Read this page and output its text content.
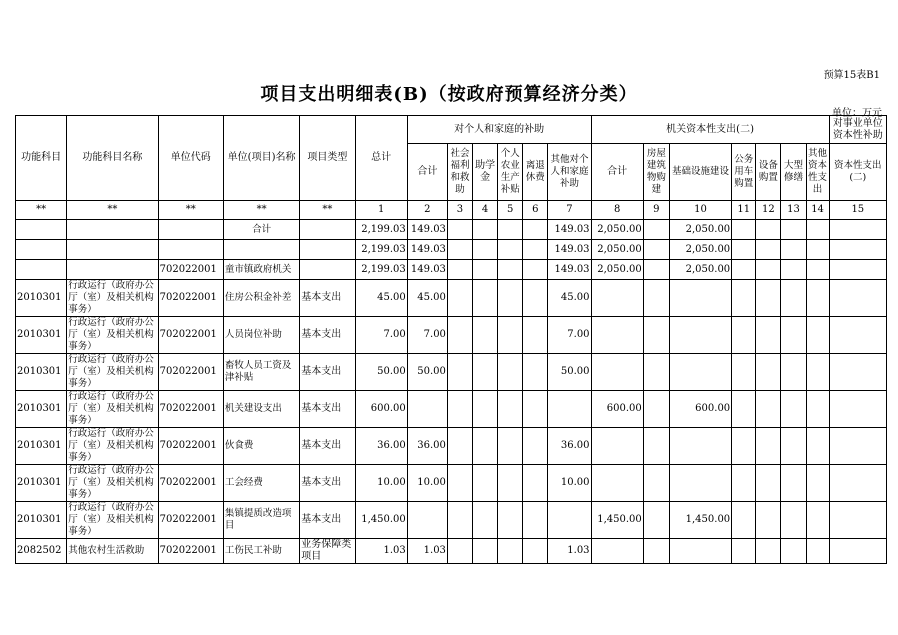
预算15表B1
项目支出明细表(B)（按政府预算经济分类）
单位：万元
功能科目	功能科目名称	单位代码	单位(项目)名称	项目类型	总计	对个人和家庭的补助						机关资本性支出(二)							对事业单位资本性补助
						合计	社会福利和救助	助学金	个人农业生产补贴	离退休费	其他对个人和家庭补助	合计	房屋建筑物购建	基础设施建设	公务用车购置	设备购置	大型修缮	其他资本性支出	资本性支出(二)
**	**	**	**	**	1	2	3	4	5	6	7	8	9	10	11	12	13	14	15
			合计		2,199.03	149.03					149.03	2,050.00		2,050.00					
					2,199.03	149.03					149.03	2,050.00		2,050.00					
		702022001	童市镇政府机关		2,199.03	149.03					149.03	2,050.00		2,050.00					
2010301	行政运行（政府办公厅（室）及相关机构事务）	702022001	住房公积金补差	基本支出	45.00	45.00					45.00								
2010301	行政运行（政府办公厅（室）及相关机构事务）	702022001	人员岗位补助	基本支出	7.00	7.00					7.00								
2010301	行政运行（政府办公厅（室）及相关机构事务）	702022001	畜牧人员工资及津补贴	基本支出	50.00	50.00					50.00								
2010301	行政运行（政府办公厅（室）及相关机构事务）	702022001	机关建设支出	基本支出	600.00							600.00		600.00					
2010301	行政运行（政府办公厅（室）及相关机构事务）	702022001	伙食费	基本支出	36.00	36.00					36.00								
2010301	行政运行（政府办公厅（室）及相关机构事务）	702022001	工会经费	基本支出	10.00	10.00					10.00								
2010301	行政运行（政府办公厅（室）及相关机构事务）	702022001	集镇提质改造项目	基本支出	1,450.00							1,450.00		1,450.00					
2082502	其他农村生活救助	702022001	工伤民工补助	业务保障类项目	1.03	1.03					1.03								
